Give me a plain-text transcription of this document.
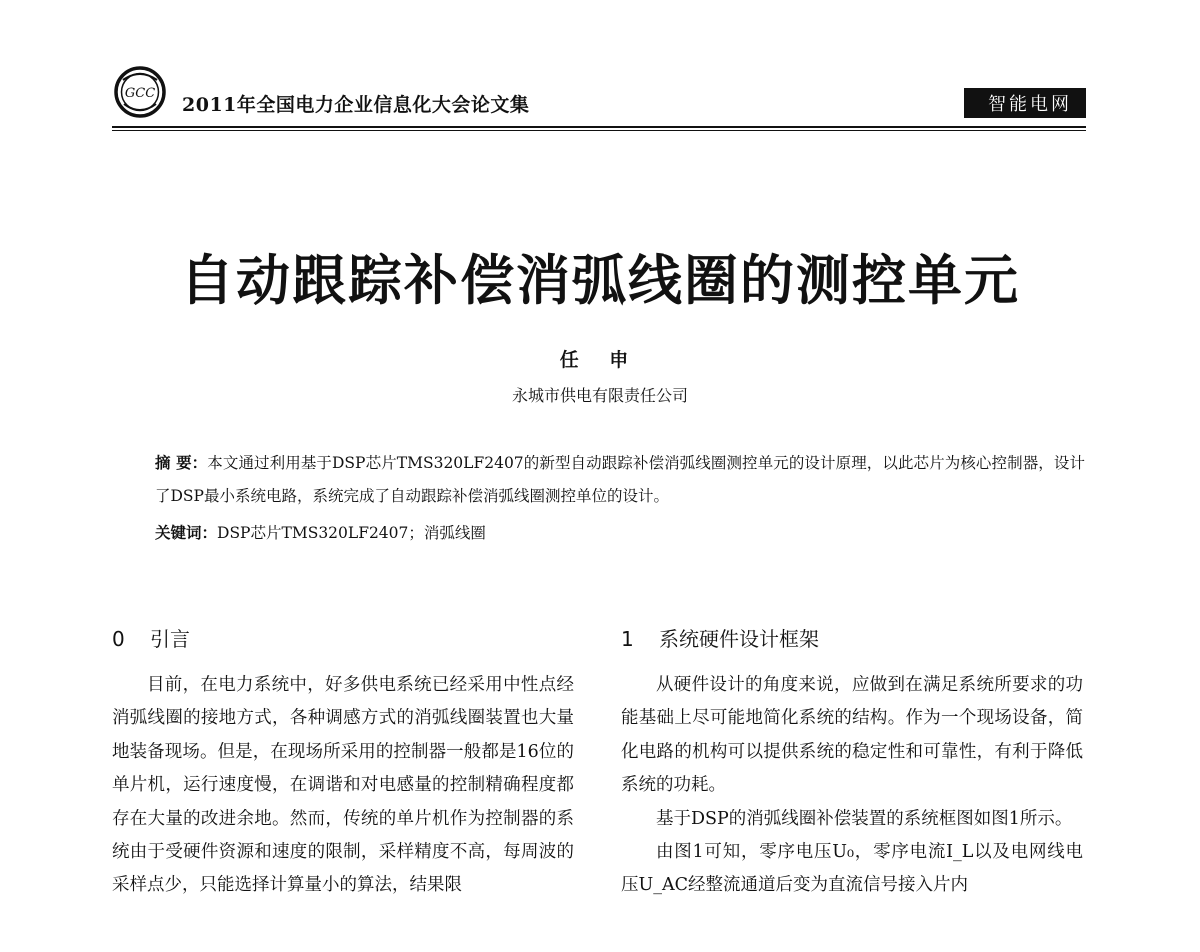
GCC
2011年全国电力企业信息化大会论文集	智能电网
自动跟踪补偿消弧线圈的测控单元
任 申
永城市供电有限责任公司
摘 要：本文通过利用基于DSP芯片TMS320LF2407的新型自动跟踪补偿消弧线圈测控单元的设计原理，以此芯片为核心控制器，设计了DSP最小系统电路，系统完成了自动跟踪补偿消弧线圈测控单位的设计。
关键词：DSP芯片TMS320LF2407；消弧线圈
0 引言

目前，在电力系统中，好多供电系统已经采用中性点经消弧线圈的接地方式，各种调感方式的消弧线圈装置也大量地装备现场。但是，在现场所采用的控制器一般都是16位的单片机，运行速度慢，在调谐和对电感量的控制精确程度都存在大量的改进余地。然而，传统的单片机作为控制器的系统由于受硬件资源和速度的限制，采样精度不高，每周波的采样点少，只能选择计算量小的算法，结果限

1 系统硬件设计框架

从硬件设计的角度来说，应做到在满足系统所要求的功能基础上尽可能地简化系统的结构。作为一个现场设备，简化电路的机构可以提供系统的稳定性和可靠性，有利于降低系统的功耗。

基于DSP的消弧线圈补偿装置的系统框图如图1所示。

由图1可知，零序电压U₀，零序电流I_L以及电网线电压U_AC经整流通道后变为直流信号接入片内
